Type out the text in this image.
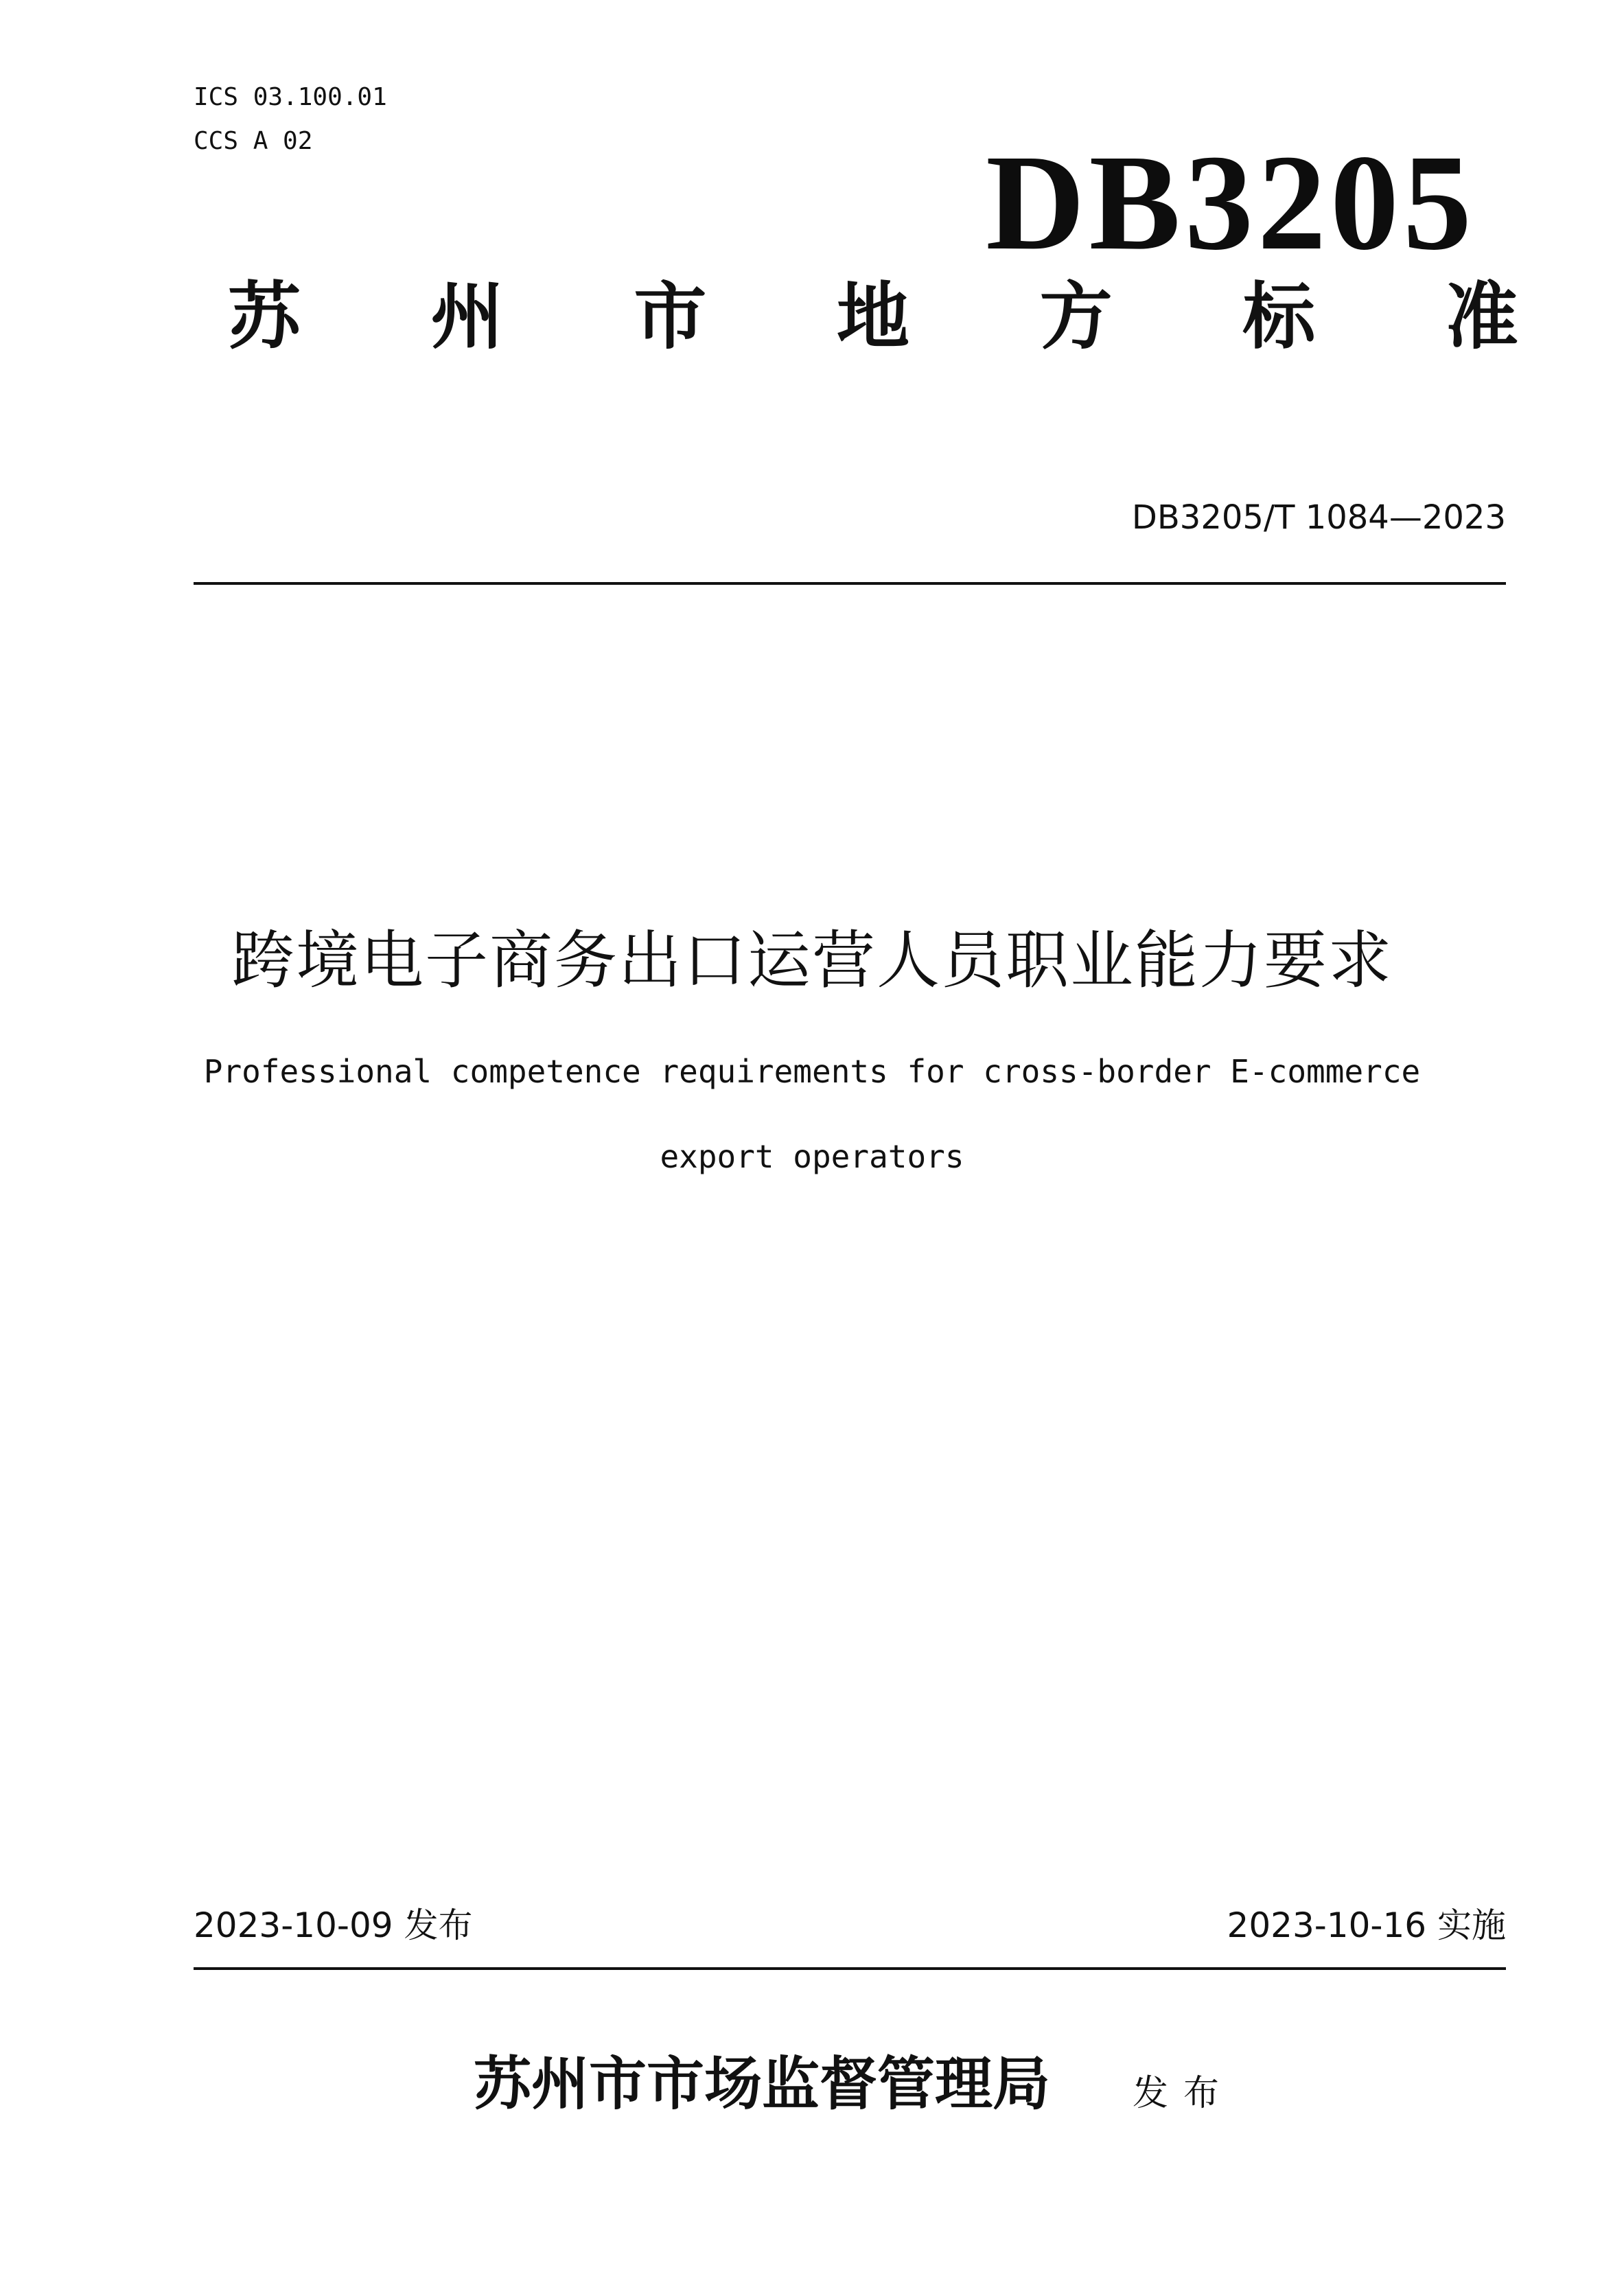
ICS 03.100.01
CCS A 02	DB3205
苏 州 市 地 方 标 准
DB3205/T 1084—2023
跨境电子商务出口运营人员职业能力要求
Professional competence requirements for cross-border E-commerce
export operators
2023-10-09 发布	2023-10-16 实施
苏州市市场监督管理局 发布
